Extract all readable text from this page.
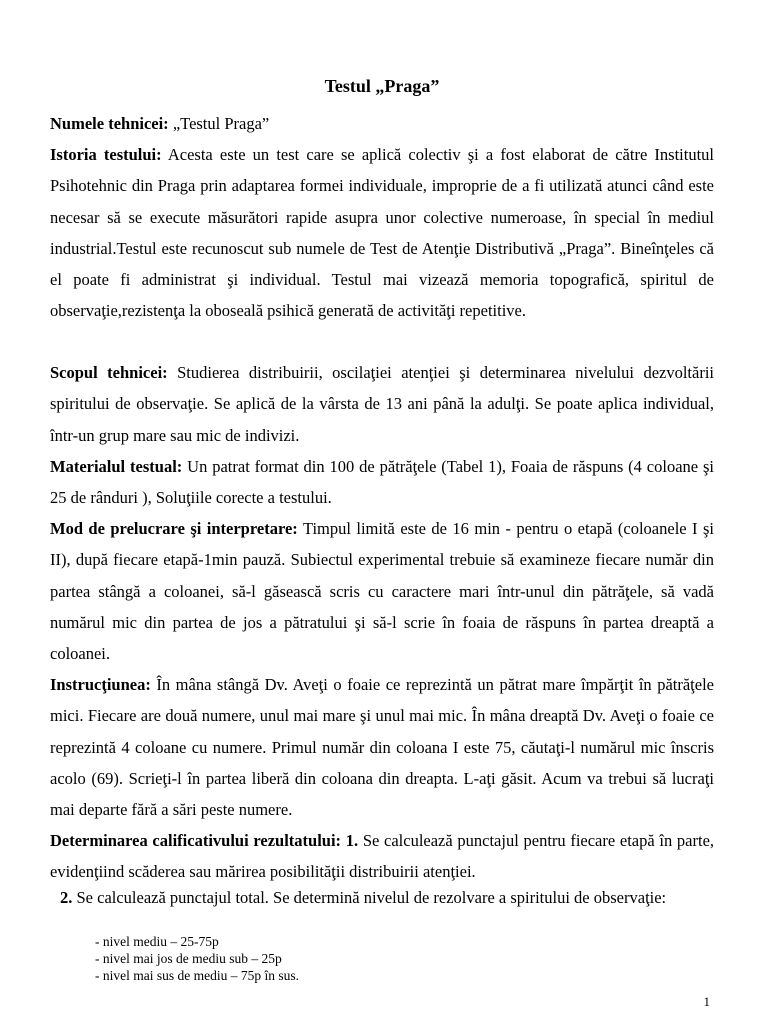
Testul „Praga”

Numele tehnicei: „Testul Praga”

Istoria testului: Acesta este un test care se aplică colectiv şi a fost elaborat de către Institutul Psihotehnic din Praga prin adaptarea formei individuale, improprie de a fi utilizată atunci când este necesar să se execute măsurători rapide asupra unor colective numeroase, în special în mediul industrial.Testul este recunoscut sub numele de Test de Atenţie Distributivă „Praga”. Bineînţeles că el poate fi administrat şi individual. Testul mai vizează memoria topografică, spiritul de observaţie,rezistenţa la oboseală psihică generată de activităţi repetitive.

Scopul tehnicei: Studierea distribuirii, oscilaţiei atenţiei şi determinarea nivelului dezvoltării spiritului de observaţie. Se aplică de la vârsta de 13 ani până la adulţi. Se poate aplica individual, într-un grup mare sau mic de indivizi.

Materialul testual: Un patrat format din 100 de pătrăţele (Tabel 1), Foaia de răspuns (4 coloane şi 25 de rânduri ), Soluţiile corecte a testului.

Mod de prelucrare şi interpretare: Timpul limită este de 16 min - pentru o etapă (coloanele I şi II), după fiecare etapă-1min pauză. Subiectul experimental trebuie să examineze fiecare număr din partea stângă a coloanei, să-l găsească scris cu caractere mari într-unul din pătrăţele, să vadă numărul mic din partea de jos a pătratului şi să-l scrie în foaia de răspuns în partea dreaptă a coloanei.

Instrucţiunea: În mâna stângă Dv. Aveţi o foaie ce reprezintă un pătrat mare împărţit în pătrăţele mici. Fiecare are două numere, unul mai mare şi unul mai mic. În mâna dreaptă Dv. Aveţi o foaie ce reprezintă 4 coloane cu numere. Primul număr din coloana I este 75, căutaţi-l numărul mic înscris acolo (69). Scrieţi-l în partea liberă din coloana din dreapta. L-aţi găsit. Acum va trebui să lucraţi mai departe fără a sări peste numere.

Determinarea calificativului rezultatului: 1. Se calculează punctajul pentru fiecare etapă în parte, evidenţiind scăderea sau mărirea posibilităţii distribuirii atenţiei.

2. Se calculează punctajul total. Se determină nivelul de rezolvare a spiritului de observaţie:

- nivel mediu – 25-75p
- nivel mai jos de mediu sub – 25p
- nivel mai sus de mediu – 75p în sus.
1
